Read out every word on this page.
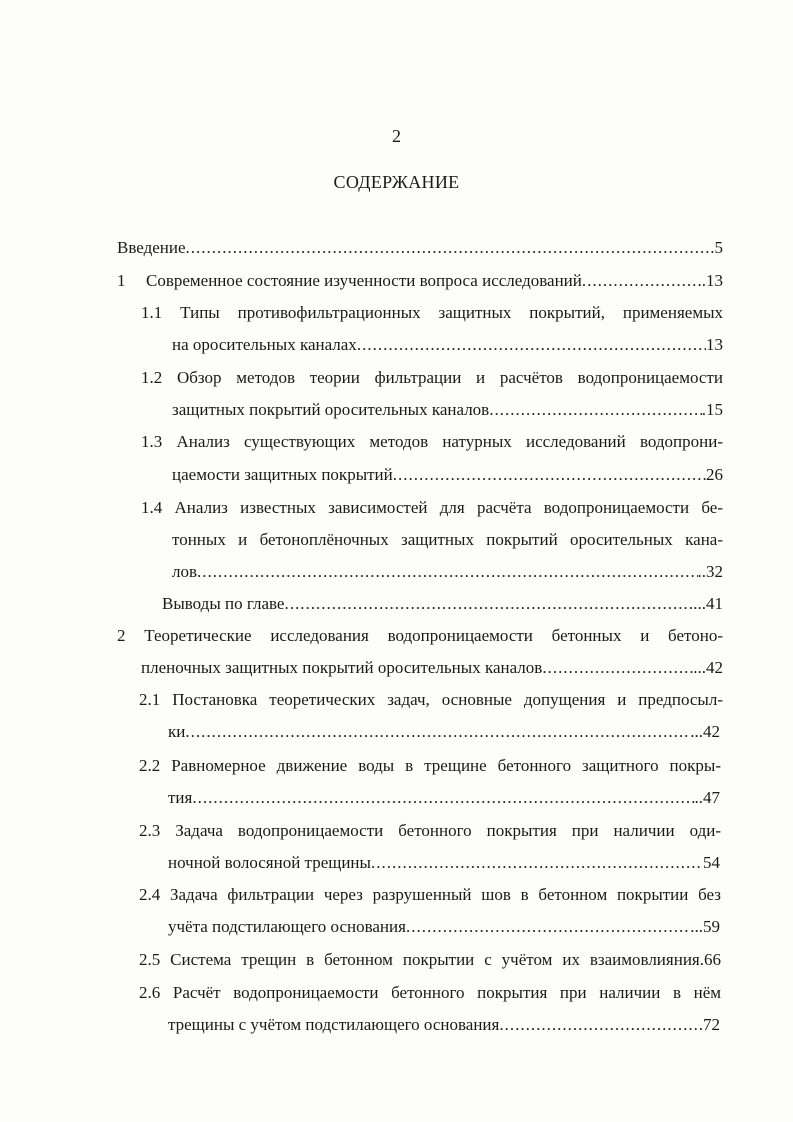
2
СОДЕРЖАНИЕ
Введение .....	.5
1	Современное состояние изученности вопроса исследований .....	..13
1.1 Типы противофильтрационных защитных покрытий, применяемых
на оросительных каналах .....	13
1.2 Обзор методов теории фильтрации и расчётов водопроницаемости
защитных покрытий оросительных каналов .....	.15
1.3 Анализ существующих методов натурных исследований водопрони-
цаемости защитных покрытий .....	26
1.4 Анализ известных зависимостей для расчёта водопроницаемости бе-
тонных и бетоноплёночных защитных покрытий оросительных кана-
лов .....	..32
Выводы по главе .....	...41
2 Теоретические исследования водопроницаемости бетонных и бетоно-
пленочных защитных покрытий оросительных каналов .....	...42
2.1 Постановка теоретических задач, основные допущения и предпосыл-
ки .....	...42
2.2 Равномерное движение воды в трещине бетонного защитного покры-
тия .....	..47
2.3 Задача водопроницаемости бетонного покрытия при наличии оди-
ночной волосяной трещины .....	54
2.4 Задача фильтрации через разрушенный шов в бетонном покрытии без
учёта подстилающего основания .....	...59
2.5 Система трещин в бетонном покрытии с учётом их взаимовлияния.66
2.6 Расчёт водопроницаемости бетонного покрытия при наличии в нём
трещины с учётом подстилающего основания .....	.72
